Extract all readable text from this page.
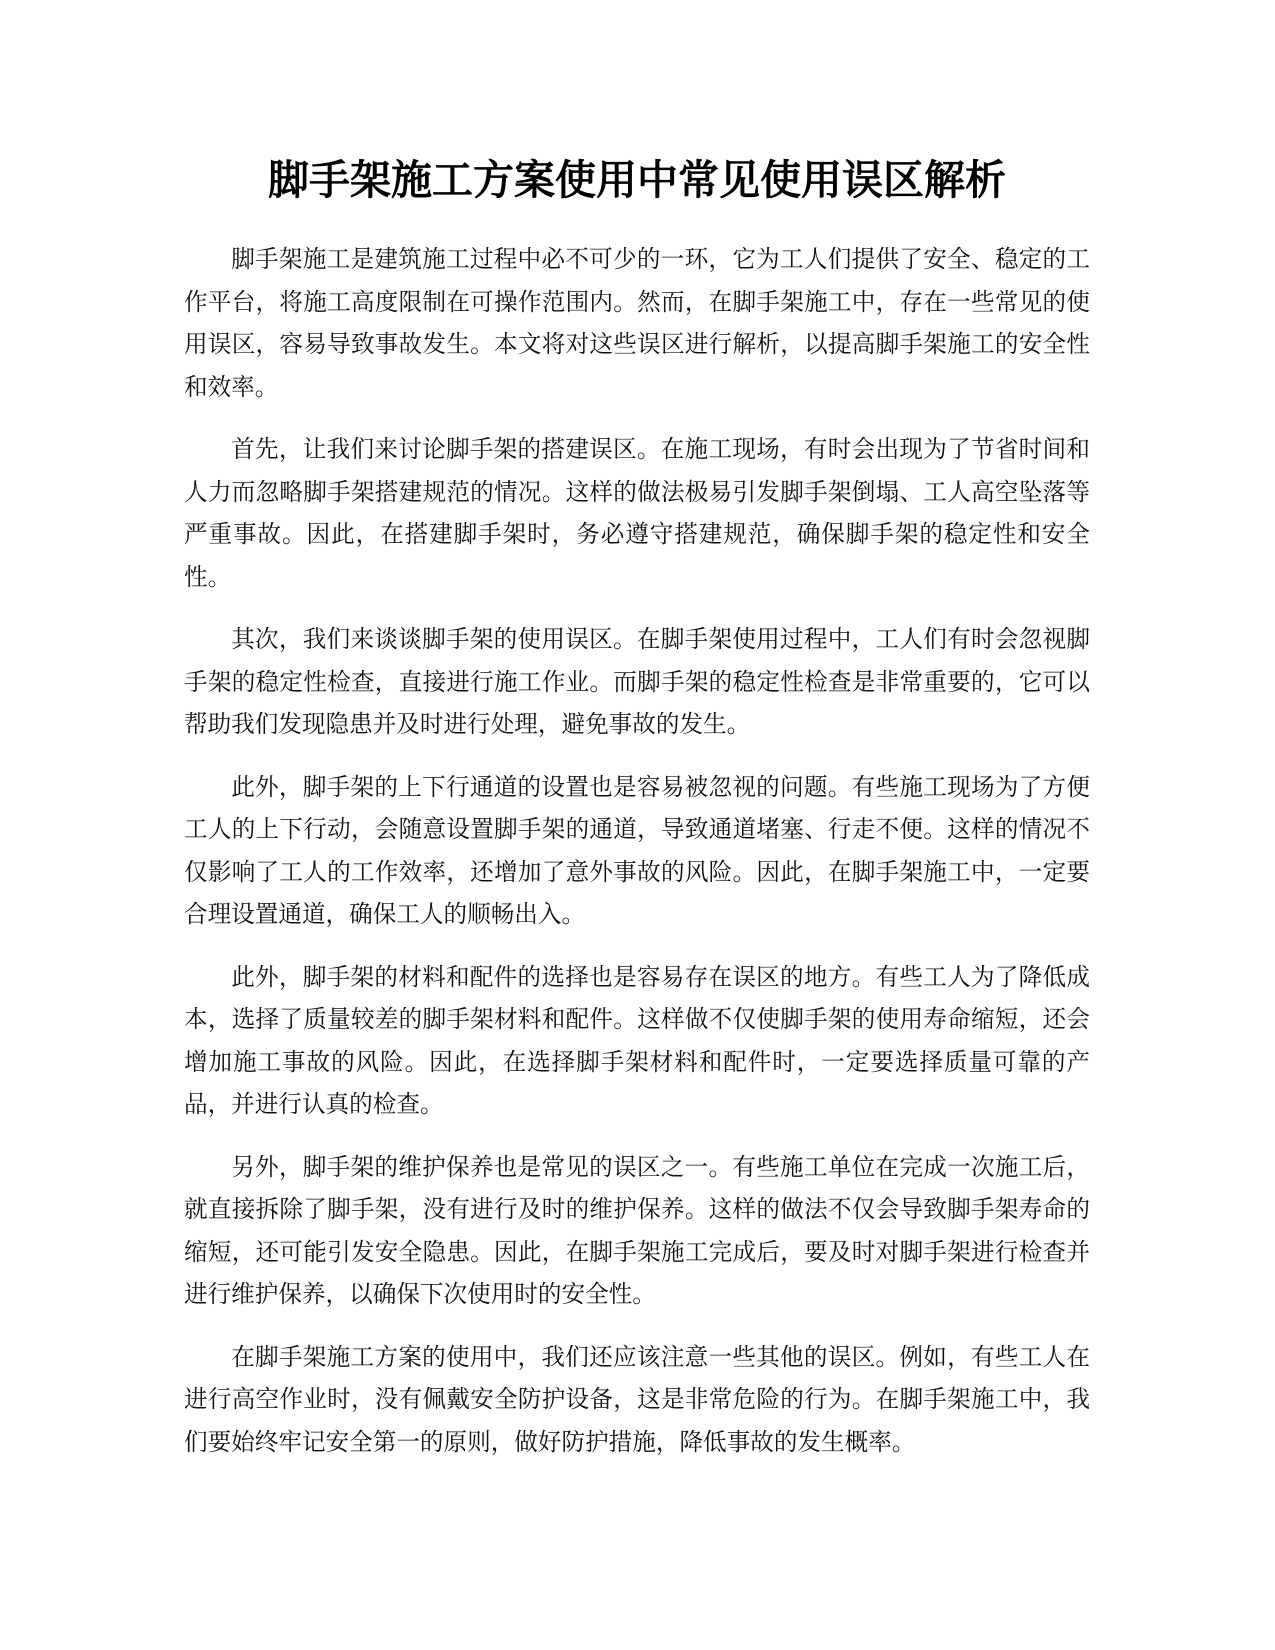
脚手架施工方案使用中常见使用误区解析

脚手架施工是建筑施工过程中必不可少的一环，它为工人们提供了安全、稳定的工作平台，将施工高度限制在可操作范围内。然而，在脚手架施工中，存在一些常见的使用误区，容易导致事故发生。本文将对这些误区进行解析，以提高脚手架施工的安全性和效率。

首先，让我们来讨论脚手架的搭建误区。在施工现场，有时会出现为了节省时间和人力而忽略脚手架搭建规范的情况。这样的做法极易引发脚手架倒塌、工人高空坠落等严重事故。因此，在搭建脚手架时，务必遵守搭建规范，确保脚手架的稳定性和安全性。

其次，我们来谈谈脚手架的使用误区。在脚手架使用过程中，工人们有时会忽视脚手架的稳定性检查，直接进行施工作业。而脚手架的稳定性检查是非常重要的，它可以帮助我们发现隐患并及时进行处理，避免事故的发生。

此外，脚手架的上下行通道的设置也是容易被忽视的问题。有些施工现场为了方便工人的上下行动，会随意设置脚手架的通道，导致通道堵塞、行走不便。这样的情况不仅影响了工人的工作效率，还增加了意外事故的风险。因此，在脚手架施工中，一定要合理设置通道，确保工人的顺畅出入。

此外，脚手架的材料和配件的选择也是容易存在误区的地方。有些工人为了降低成本，选择了质量较差的脚手架材料和配件。这样做不仅使脚手架的使用寿命缩短，还会增加施工事故的风险。因此，在选择脚手架材料和配件时，一定要选择质量可靠的产品，并进行认真的检查。

另外，脚手架的维护保养也是常见的误区之一。有些施工单位在完成一次施工后，就直接拆除了脚手架，没有进行及时的维护保养。这样的做法不仅会导致脚手架寿命的缩短，还可能引发安全隐患。因此，在脚手架施工完成后，要及时对脚手架进行检查并进行维护保养，以确保下次使用时的安全性。

在脚手架施工方案的使用中，我们还应该注意一些其他的误区。例如，有些工人在进行高空作业时，没有佩戴安全防护设备，这是非常危险的行为。在脚手架施工中，我们要始终牢记安全第一的原则，做好防护措施，降低事故的发生概率。
